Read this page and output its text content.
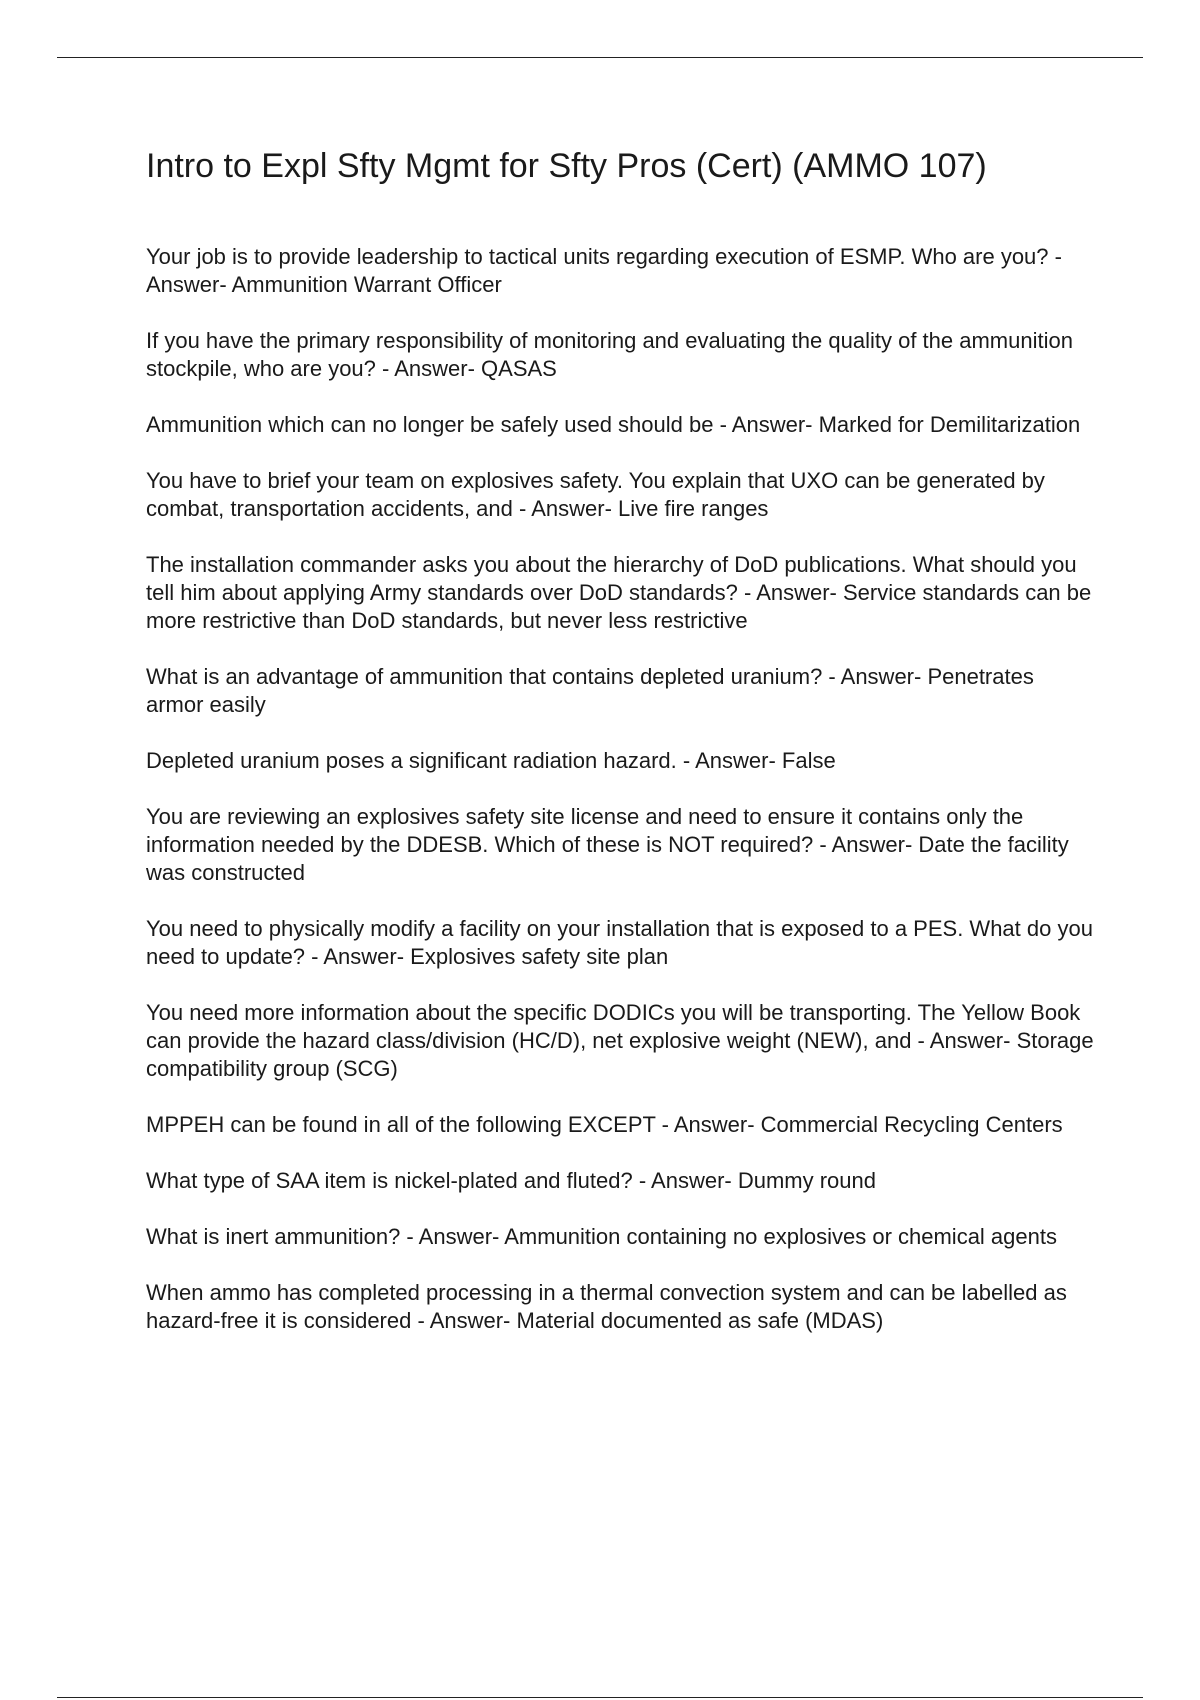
Intro to Expl Sfty Mgmt for Sfty Pros (Cert) (AMMO 107)

Your job is to provide leadership to tactical units regarding execution of ESMP. Who are you? - Answer- Ammunition Warrant Officer

If you have the primary responsibility of monitoring and evaluating the quality of the ammunition stockpile, who are you? - Answer- QASAS

Ammunition which can no longer be safely used should be - Answer- Marked for Demilitarization

You have to brief your team on explosives safety. You explain that UXO can be generated by combat, transportation accidents, and - Answer- Live fire ranges

The installation commander asks you about the hierarchy of DoD publications. What should you tell him about applying Army standards over DoD standards? - Answer- Service standards can be more restrictive than DoD standards, but never less restrictive

What is an advantage of ammunition that contains depleted uranium? - Answer- Penetrates armor easily

Depleted uranium poses a significant radiation hazard. - Answer- False

You are reviewing an explosives safety site license and need to ensure it contains only the information needed by the DDESB. Which of these is NOT required? - Answer- Date the facility was constructed

You need to physically modify a facility on your installation that is exposed to a PES. What do you need to update? - Answer- Explosives safety site plan

You need more information about the specific DODICs you will be transporting. The Yellow Book can provide the hazard class/division (HC/D), net explosive weight (NEW), and - Answer- Storage compatibility group (SCG)

MPPEH can be found in all of the following EXCEPT - Answer- Commercial Recycling Centers

What type of SAA item is nickel-plated and fluted? - Answer- Dummy round

What is inert ammunition? - Answer- Ammunition containing no explosives or chemical agents

When ammo has completed processing in a thermal convection system and can be labelled as hazard-free it is considered - Answer- Material documented as safe (MDAS)
